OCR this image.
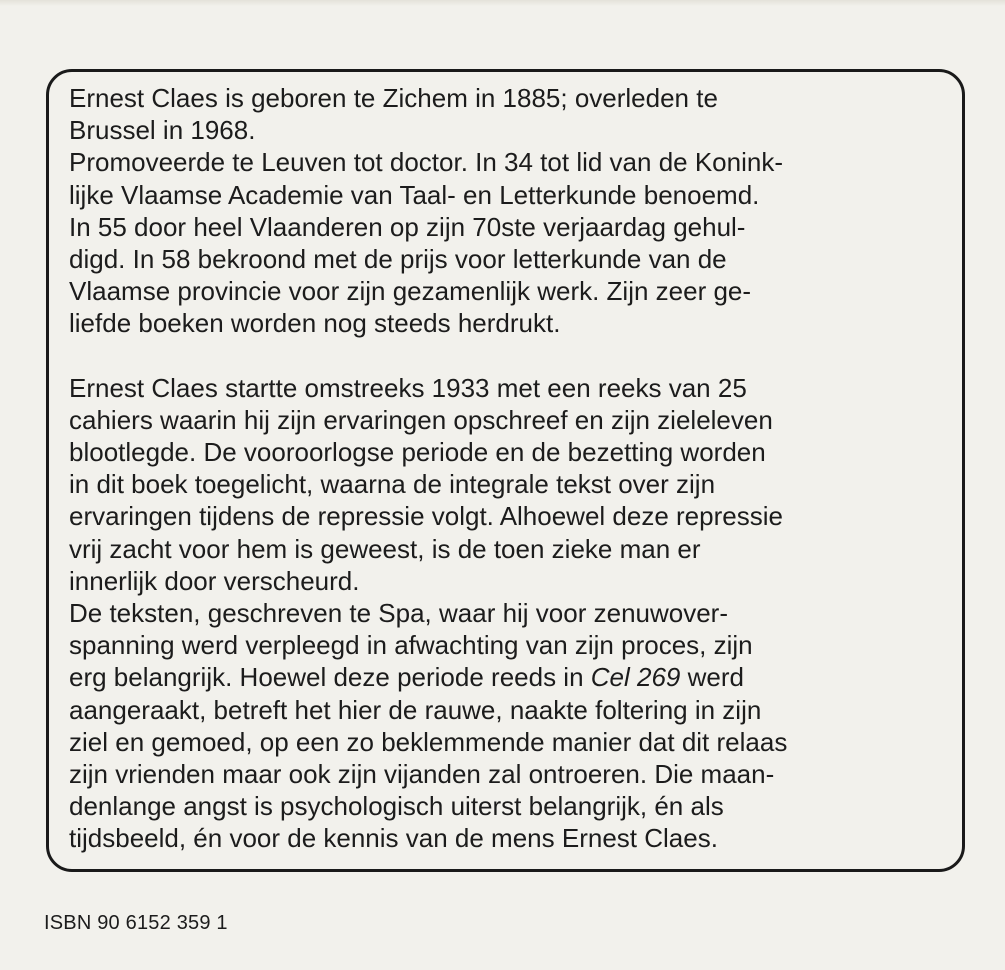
Ernest Claes is geboren te Zichem in 1885; overleden te
Brussel in 1968.
Promoveerde te Leuven tot doctor. In 34 tot lid van de Konink-
lijke Vlaamse Academie van Taal- en Letterkunde benoemd.
In 55 door heel Vlaanderen op zijn 70ste verjaardag gehul-
digd. In 58 bekroond met de prijs voor letterkunde van de
Vlaamse provincie voor zijn gezamenlijk werk. Zijn zeer ge-
liefde boeken worden nog steeds herdrukt.
Ernest Claes startte omstreeks 1933 met een reeks van 25
cahiers waarin hij zijn ervaringen opschreef en zijn zieleleven
blootlegde. De vooroorlogse periode en de bezetting worden
in dit boek toegelicht, waarna de integrale tekst over zijn
ervaringen tijdens de repressie volgt. Alhoewel deze repressie
vrij zacht voor hem is geweest, is de toen zieke man er
innerlijk door verscheurd.
De teksten, geschreven te Spa, waar hij voor zenuwover-
spanning werd verpleegd in afwachting van zijn proces, zijn
erg belangrijk. Hoewel deze periode reeds in Cel 269 werd
aangeraakt, betreft het hier de rauwe, naakte foltering in zijn
ziel en gemoed, op een zo beklemmende manier dat dit relaas
zijn vrienden maar ook zijn vijanden zal ontroeren. Die maan-
denlange angst is psychologisch uiterst belangrijk, én als
tijdsbeeld, én voor de kennis van de mens Ernest Claes.
ISBN 90 6152 359 1
